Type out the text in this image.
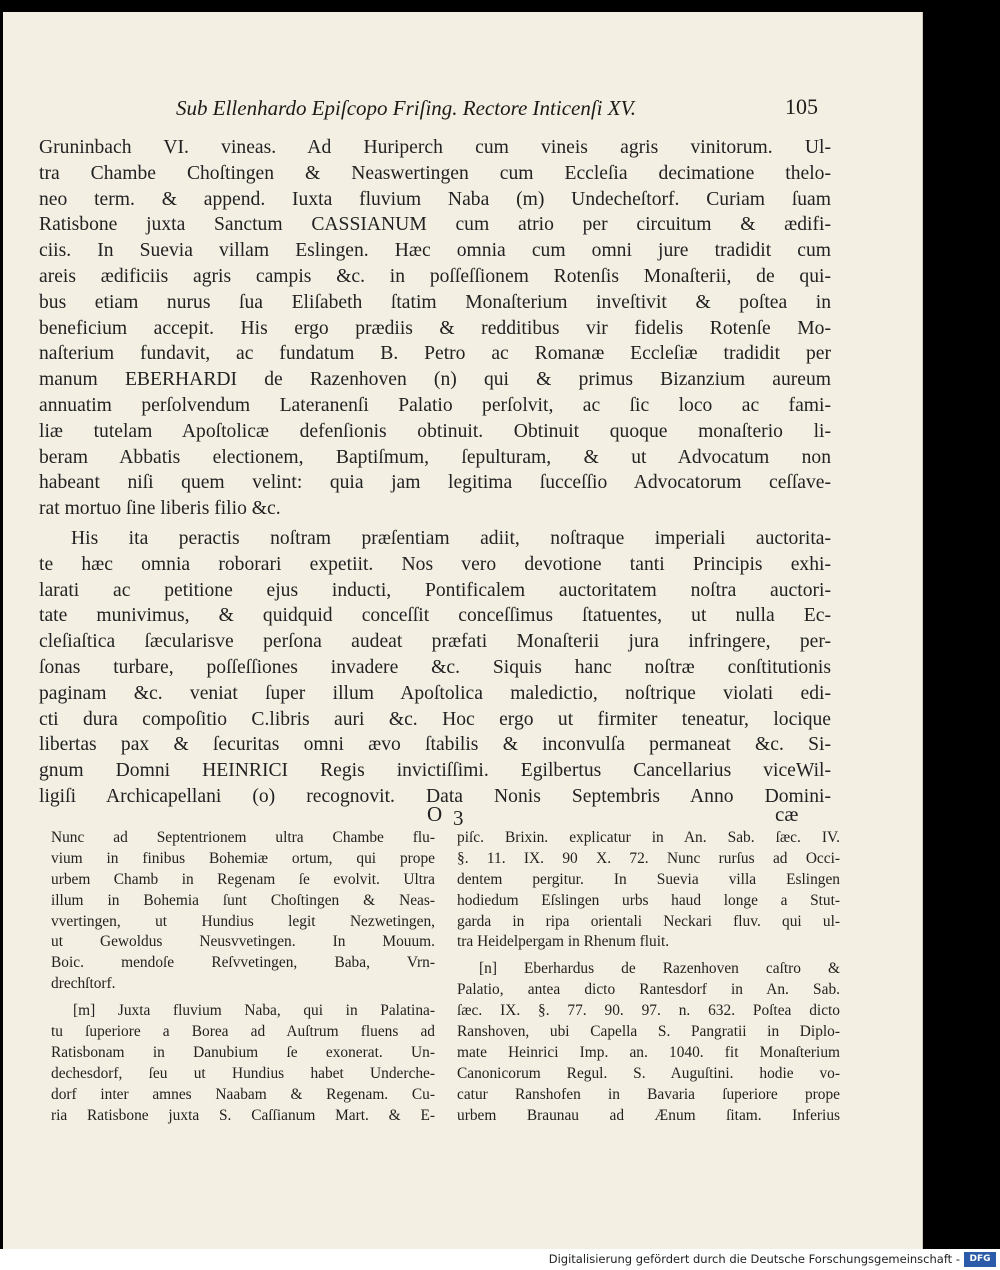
Sub Ellenhardo Epiſcopo Friſing. Rectore Inticenſi XV.	105
Gruninbach VI. vineas. Ad Huriperch cum vineis agris vinitorum. Ul-
tra Chambe Choſtingen & Neaswertingen cum Eccleſia decimatione thelo-
neo term. & append. Iuxta fluvium Naba (m) Undecheſtorf. Curiam ſuam
Ratisbone juxta Sanctum CASSIANUM cum atrio per circuitum & ædifi-
ciis. In Suevia villam Eslingen. Hæc omnia cum omni jure tradidit cum
areis ædificiis agris campis &c. in poſſeſſionem Rotenſis Monaſterii, de qui-
bus etiam nurus ſua Eliſabeth ſtatim Monaſterium inveſtivit & poſtea in
beneficium accepit. His ergo prædiis & redditibus vir fidelis Rotenſe Mo-
naſterium fundavit, ac fundatum B. Petro ac Romanæ Eccleſiæ tradidit per
manum EBERHARDI de Razenhoven (n) qui & primus Bizanzium aureum
annuatim perſolvendum Lateranenſi Palatio perſolvit, ac ſic loco ac fami-
liæ tutelam Apoſtolicæ defenſionis obtinuit. Obtinuit quoque monaſterio li-
beram Abbatis electionem, Baptiſmum, ſepulturam, & ut Advocatum non
habeant niſi quem velint: quia jam legitima ſucceſſio Advocatorum ceſſave-
rat mortuo ſine liberis filio &c.
His ita peractis noſtram præſentiam adiit, noſtraque imperiali auctorita-
te hæc omnia roborari expetiit. Nos vero devotione tanti Principis exhi-
larati ac petitione ejus inducti, Pontificalem auctoritatem noſtra auctori-
tate munivimus, & quidquid conceſſit conceſſimus ſtatuentes, ut nulla Ec-
cleſiaſtica ſæcularisve perſona audeat præfati Monaſterii jura infringere, per-
ſonas turbare, poſſeſſiones invadere &c. Siquis hanc noſtræ conſtitutionis
paginam &c. veniat ſuper illum Apoſtolica maledictio, noſtrique violati edi-
cti dura compoſitio C.libris auri &c. Hoc ergo ut firmiter teneatur, locique
libertas pax & ſecuritas omni ævo ſtabilis & inconvulſa permaneat &c. Si-
gnum Domni HEINRICI Regis invictiſſimi. Egilbertus Cancellarius viceWil-
ligiſi Archicapellani (o) recognovit. Data Nonis Septembris Anno Domini-
O 3	cæ
Nunc ad Septentrionem ultra Chambe flu-
vium in finibus Bohemiæ ortum, qui prope
urbem Chamb in Regenam ſe evolvit. Ultra
illum in Bohemia ſunt Choſtingen & Neas-
vvertingen, ut Hundius legit Nezwetingen,
ut Gewoldus Neusvvetingen. In Mouum.
Boic. mendoſe Reſvvetingen, Baba, Vrn-
drechſtorf.
[m] Juxta fluvium Naba, qui in Palatina-
tu ſuperiore a Borea ad Auſtrum fluens ad
Ratisbonam in Danubium ſe exonerat. Un-
dechesdorf, ſeu ut Hundius habet Underche-
dorf inter amnes Naabam & Regenam. Cu-
ria Ratisbone juxta S. Caſſianum Mart. & E-
piſc. Brixin. explicatur in An. Sab. ſæc. IV.
§. 11. IX. 90 X. 72. Nunc rurſus ad Occi-
dentem pergitur. In Suevia villa Eslingen
hodiedum Eſslingen urbs haud longe a Stut-
garda in ripa orientali Neckari fluv. qui ul-
tra Heidelpergam in Rhenum fluit.
[n] Eberhardus de Razenhoven caſtro &
Palatio, antea dicto Rantesdorf in An. Sab.
ſæc. IX. §. 77. 90. 97. n. 632. Poſtea dicto
Ranshoven, ubi Capella S. Pangratii in Diplo-
mate Heinrici Imp. an. 1040. fit Monaſterium
Canonicorum Regul. S. Auguſtini. hodie vo-
catur Ranshofen in Bavaria ſuperiore prope
urbem Braunau ad Ænum ſitam. Inferius
Digitalisierung gefördert durch die Deutsche Forschungsgemeinschaft -	DFG
